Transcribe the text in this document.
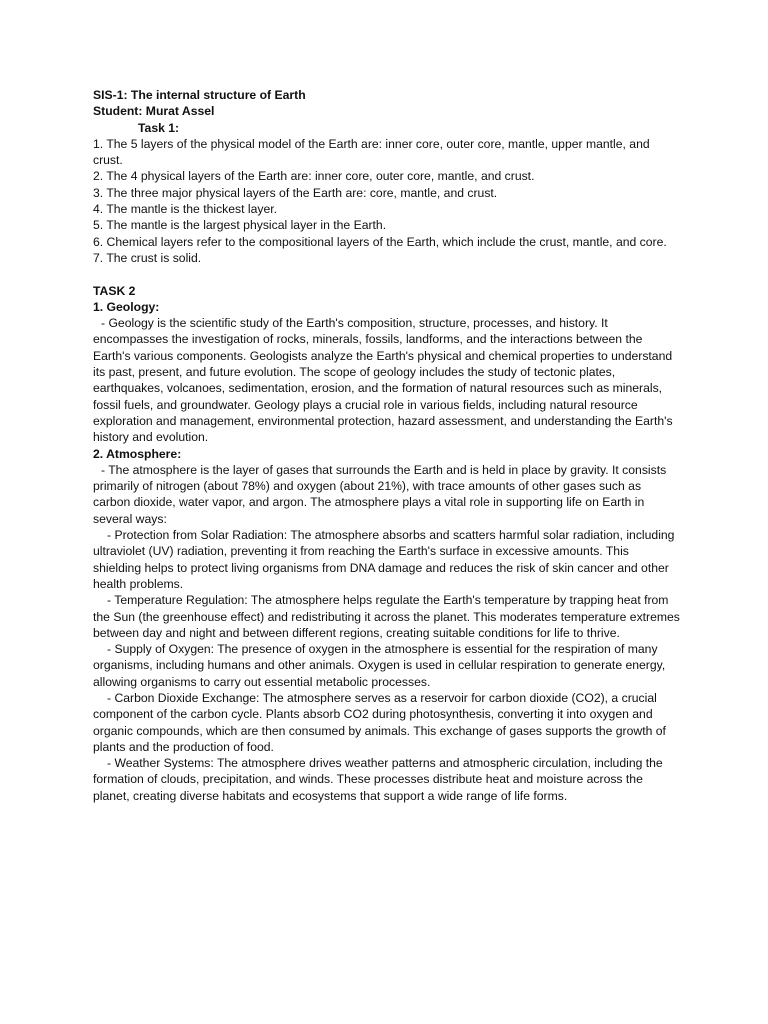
SIS-1: The internal structure of Earth

Student: Murat Assel

Task 1:

1. The 5 layers of the physical model of the Earth are: inner core, outer core, mantle, upper mantle, and crust.

2. The 4 physical layers of the Earth are: inner core, outer core, mantle, and crust.

3. The three major physical layers of the Earth are: core, mantle, and crust.

4. The mantle is the thickest layer.

5. The mantle is the largest physical layer in the Earth.

6. Chemical layers refer to the compositional layers of the Earth, which include the crust, mantle, and core.

7. The crust is solid.

TASK 2

1. Geology:

- Geology is the scientific study of the Earth's composition, structure, processes, and history. It encompasses the investigation of rocks, minerals, fossils, landforms, and the interactions between the Earth's various components. Geologists analyze the Earth's physical and chemical properties to understand its past, present, and future evolution. The scope of geology includes the study of tectonic plates, earthquakes, volcanoes, sedimentation, erosion, and the formation of natural resources such as minerals, fossil fuels, and groundwater. Geology plays a crucial role in various fields, including natural resource exploration and management, environmental protection, hazard assessment, and understanding the Earth's history and evolution.

2. Atmosphere:

- The atmosphere is the layer of gases that surrounds the Earth and is held in place by gravity. It consists primarily of nitrogen (about 78%) and oxygen (about 21%), with trace amounts of other gases such as carbon dioxide, water vapor, and argon. The atmosphere plays a vital role in supporting life on Earth in several ways:

- Protection from Solar Radiation: The atmosphere absorbs and scatters harmful solar radiation, including ultraviolet (UV) radiation, preventing it from reaching the Earth's surface in excessive amounts. This shielding helps to protect living organisms from DNA damage and reduces the risk of skin cancer and other health problems.

- Temperature Regulation: The atmosphere helps regulate the Earth's temperature by trapping heat from the Sun (the greenhouse effect) and redistributing it across the planet. This moderates temperature extremes between day and night and between different regions, creating suitable conditions for life to thrive.

- Supply of Oxygen: The presence of oxygen in the atmosphere is essential for the respiration of many organisms, including humans and other animals. Oxygen is used in cellular respiration to generate energy, allowing organisms to carry out essential metabolic processes.

- Carbon Dioxide Exchange: The atmosphere serves as a reservoir for carbon dioxide (CO2), a crucial component of the carbon cycle. Plants absorb CO2 during photosynthesis, converting it into oxygen and organic compounds, which are then consumed by animals. This exchange of gases supports the growth of plants and the production of food.

- Weather Systems: The atmosphere drives weather patterns and atmospheric circulation, including the formation of clouds, precipitation, and winds. These processes distribute heat and moisture across the planet, creating diverse habitats and ecosystems that support a wide range of life forms.
